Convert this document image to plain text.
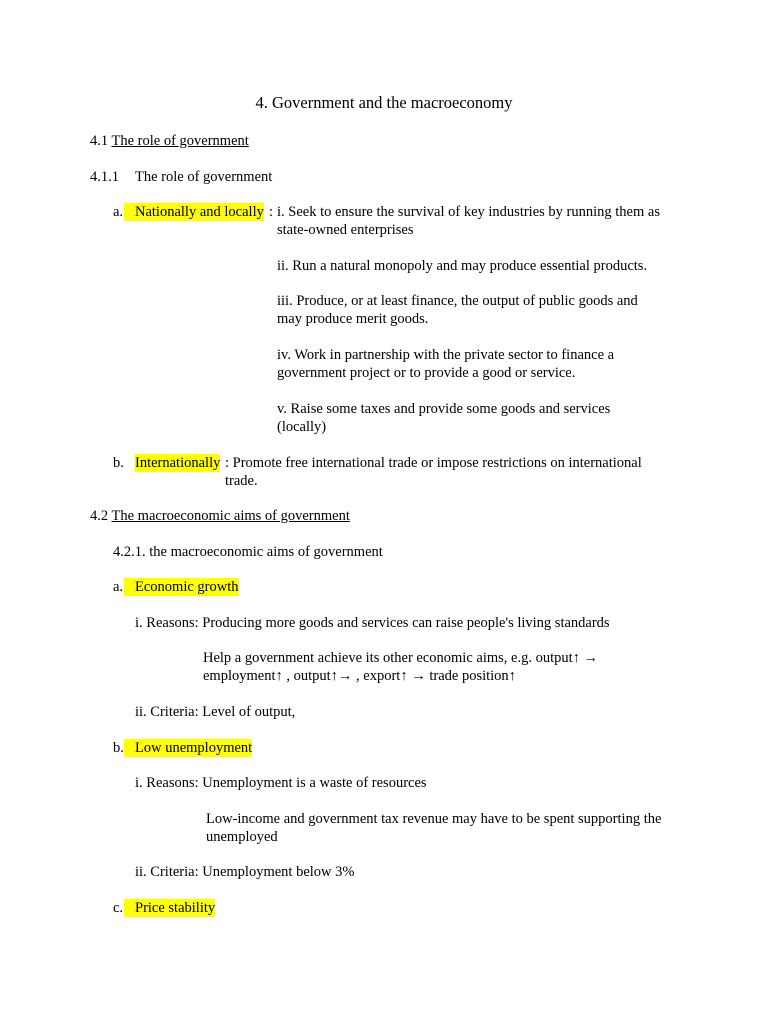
4. Government and the macroeconomy
4.1 The role of government
4.1.1 The role of government
a. Nationally and locally : i. Seek to ensure the survival of key industries by running them as state-owned enterprises
ii. Run a natural monopoly and may produce essential products.
iii. Produce, or at least finance, the output of public goods and may produce merit goods.
iv. Work in partnership with the private sector to finance a government project or to provide a good or service.
v. Raise some taxes and provide some goods and services (locally)
b. Internationally : Promote free international trade or impose restrictions on international trade.
4.2 The macroeconomic aims of government
4.2.1. the macroeconomic aims of government
a. Economic growth
i. Reasons: Producing more goods and services can raise people's living standards
Help a government achieve its other economic aims, e.g. output↑ → employment↑ , output↑→ , export↑ → trade position↑
ii. Criteria: Level of output,
b. Low unemployment
i. Reasons: Unemployment is a waste of resources
Low-income and government tax revenue may have to be spent supporting the unemployed
ii. Criteria: Unemployment below 3%
c. Price stability
